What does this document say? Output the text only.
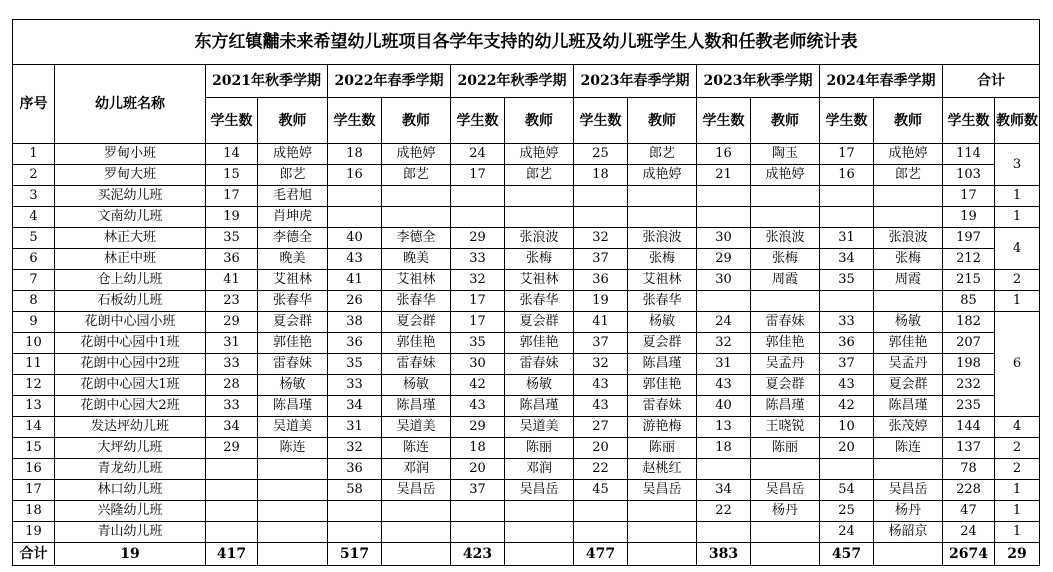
东方红镇黼未来希望幼儿班项目各学年支持的幼儿班及幼儿班学生人数和任教老师统计表															
序号	幼儿班名称	2021年秋季学期		2022年春季学期		2022年秋季学期		2023年春季学期		2023年秋季学期		2024年春季学期		合计	
		学生数	教师	学生数	教师	学生数	教师	学生数	教师	学生数	教师	学生数	教师	学生数	教师数
1	罗甸小班	14	成艳婷	18	成艳婷	24	成艳婷	25	郎艺	16	陶玉	17	成艳婷	114	3
2	罗甸大班	15	郎艺	16	郎艺	17	郎艺	18	成艳婷	21	成艳婷	16	郎艺	103	
3	买泥幼儿班	17	毛君旭											17	1
4	文南幼儿班	19	肖坤虎											19	1
5	林正大班	35	李德全	40	李德全	29	张浪波	32	张浪波	30	张浪波	31	张浪波	197	4
6	林正中班	36	晚美	43	晚美	33	张梅	37	张梅	29	张梅	34	张梅	212	
7	仓上幼儿班	41	艾祖林	41	艾祖林	32	艾祖林	36	艾祖林	30	周霞	35	周霞	215	2
8	石板幼儿班	23	张春华	26	张春华	17	张春华	19	张春华					85	1
9	花朗中心园小班	29	夏会群	38	夏会群	17	夏会群	41	杨敏	24	雷春妹	33	杨敏	182	6
10	花朗中心园中1班	31	郭佳艳	36	郭佳艳	35	郭佳艳	37	夏会群	32	郭佳艳	36	郭佳艳	207	
11	花朗中心园中2班	33	雷春妹	35	雷春妹	30	雷春妹	32	陈昌瑾	31	吴孟丹	37	吴孟丹	198	
12	花朗中心园大1班	28	杨敏	33	杨敏	42	杨敏	43	郭佳艳	43	夏会群	43	夏会群	232	
13	花朗中心园大2班	33	陈昌瑾	34	陈昌瑾	43	陈昌瑾	43	雷春妹	40	陈昌瑾	42	陈昌瑾	235	
14	发达坪幼儿班	34	吴道美	31	吴道美	29	吴道美	27	游艳梅	13	王晓锐	10	张茂婷	144	4
15	大坪幼儿班	29	陈连	32	陈连	18	陈丽	20	陈丽	18	陈丽	20	陈连	137	2
16	青龙幼儿班			36	邓润	20	邓润	22	赵桃红					78	2
17	林口幼儿班			58	吴昌岳	37	吴昌岳	45	吴昌岳	34	吴昌岳	54	吴昌岳	228	1
18	兴隆幼儿班									22	杨丹	25	杨丹	47	1
19	青山幼儿班											24	杨韶京	24	1
合计	19	417		517		423		477		383		457		2674	29
